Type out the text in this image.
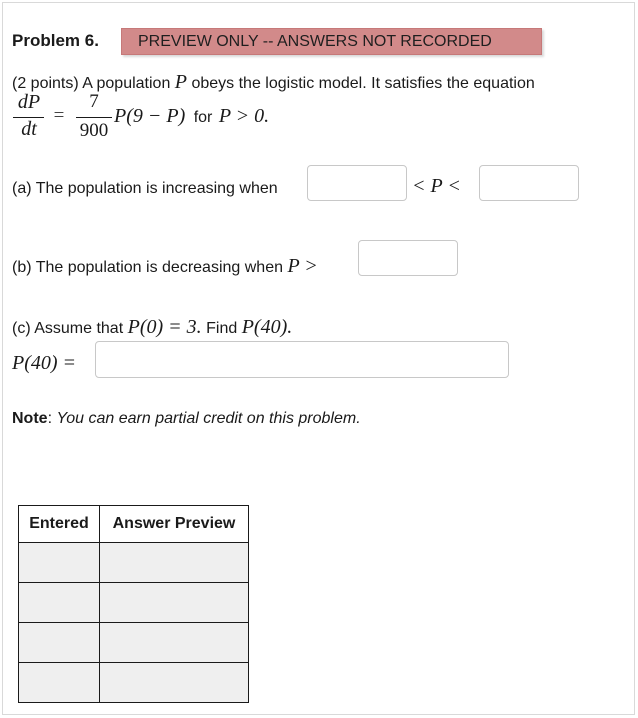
Problem 6.	PREVIEW ONLY -- ANSWERS NOT RECORDED
(2 points) A population P obeys the logistic model. It satisfies the equation
dP
dt
=
7
900
P(9 − P) for P > 0.
(a) The population is increasing when	< P <
(b) The population is decreasing when P >
(c) Assume that P(0) = 3. Find P(40).
P(40) =
Note: You can earn partial credit on this problem.
Entered	Answer Preview
